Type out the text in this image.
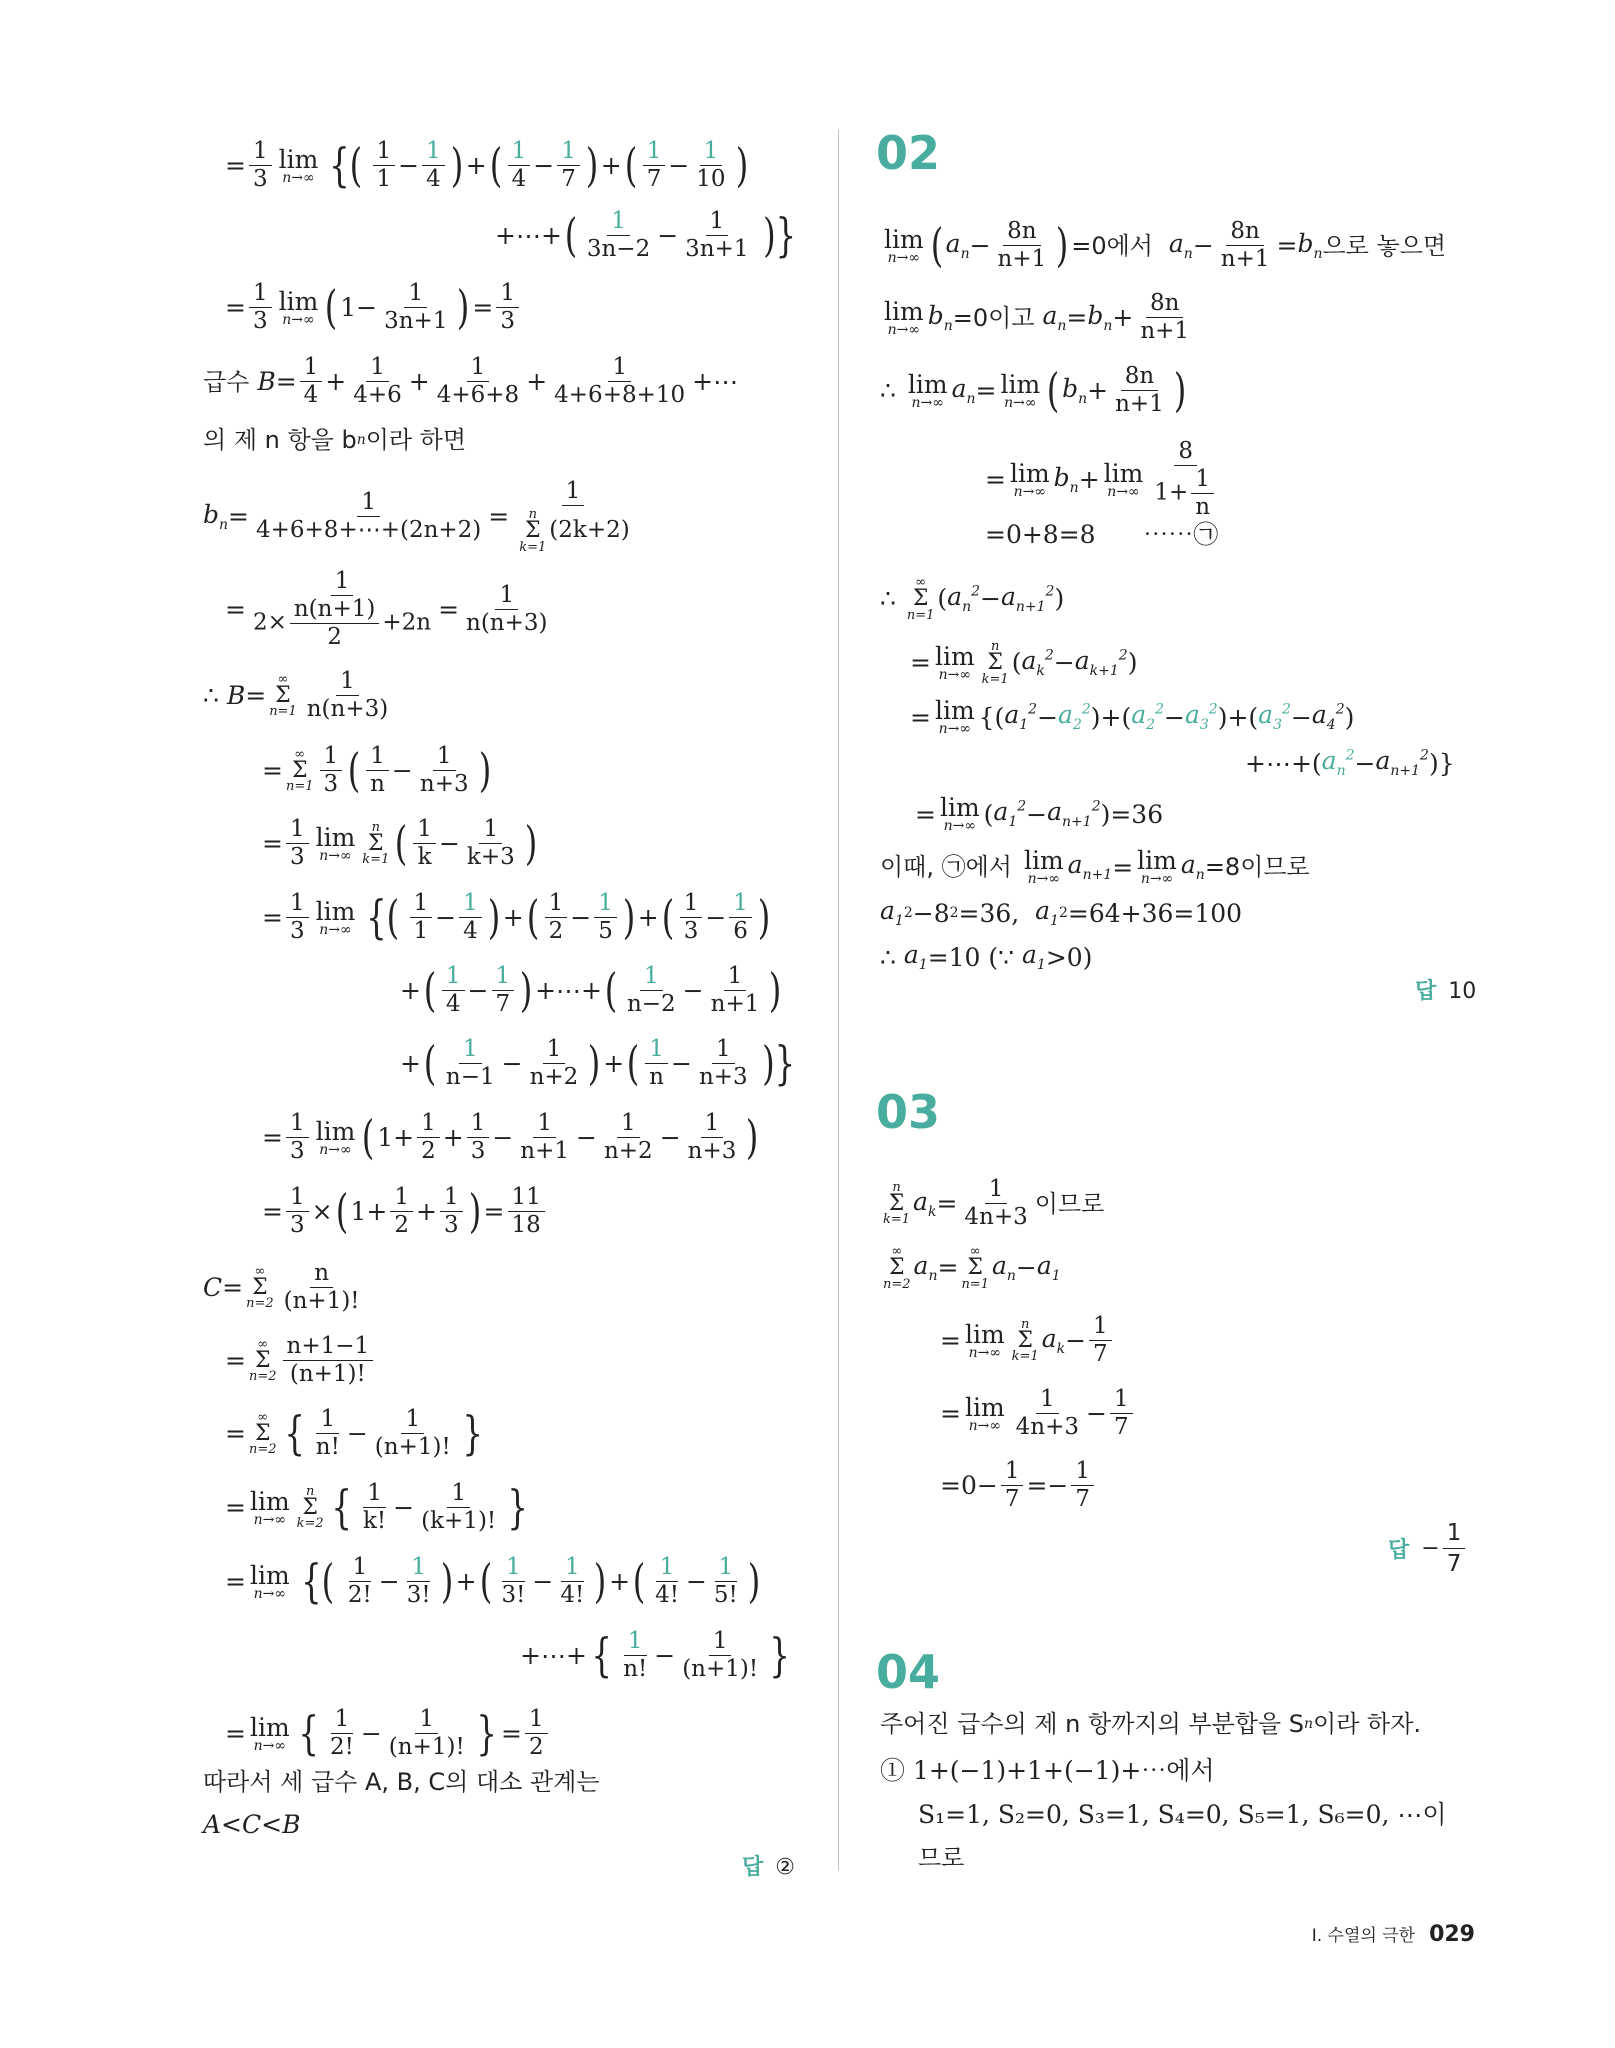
= $\frac{1}{3}$ lim
n→∞ {( $\frac{1}{1} - \frac{1}{4}$ ) + ( $\frac{1}{4} - \frac{1}{7}$ ) + ( $\frac{1}{7} - \frac{1}{10}$ )
+⋯+ ( $\frac{1}{3n-2} - \frac{1}{3n+1}$ )}
= $\frac{1}{3}$ lim
n→∞ ( $1- \frac{1}{3n+1}$ ) = $\frac{1}{3}$
급수
$B = \frac{1}{4} + \frac{1}{4+6} + \frac{1}{4+6+8} + \frac{1}{4+6+8+10}$ +⋯
의 제 n 항을 b n 이라 하면
$b_n = \frac{1}{4+6+8+\cdots+(2n+2)} = 1$
n
Σ
k=1
(2k+2)
= $\frac{1}{2\times \frac{n(n+1)}{2} +2n} = \frac{1}{n(n+3)}$
∴ B =
∞
Σ
$n=1 \frac{1}{n(n+3)}$
=
∞
Σ
$n=1 \frac{1}{3}$ ( $\frac{1}{n} - \frac{1}{n+3}$ )
= $\frac{1}{3}$ lim
n→∞
n
Σ
k=1 ( $\frac{1}{k} - \frac{1}{k+3}$ )
= $\frac{1}{3}$ lim
n→∞ {( $\frac{1}{1} - \frac{1}{4}$ ) + ( $\frac{1}{2} - \frac{1}{5}$ ) + ( $\frac{1}{3} - \frac{1}{6}$ )
+ ( $\frac{1}{4} - \frac{1}{7}$ ) +⋯+ ( $\frac{1}{n-2} - \frac{1}{n+1}$ )
+ ( $\frac{1}{n-1} - \frac{1}{n+2}$ ) + ( $\frac{1}{n} - \frac{1}{n+3}$ )}
= $\frac{1}{3}$ lim
n→∞ ( $1+ \frac{1}{2} + \frac{1}{3} - \frac{1}{n+1} - \frac{1}{n+2} - \frac{1}{n+3}$ )
= $\frac{1}{3}$ × ( $1+ \frac{1}{2} + \frac{1}{3}$ ) = $\frac{11}{18}$
C =
∞
Σ
$n=2 \frac{n}{(n+1)!}$
=
∞
Σ
$n=2 \frac{n+1-1}{(n+1)!}$
=
∞
Σ
n=2 { $\frac{1}{n!} - \frac{1}{(n+1)!}$ }
= lim
n→∞
n
Σ
k=2 { $\frac{1}{k!} - \frac{1}{(k+1)!}$ }
= lim
n→∞ {( $\frac{1}{2!} - \frac{1}{3!}$ ) + ( $\frac{1}{3!} - \frac{1}{4!}$ ) + ( $\frac{1}{4!} - \frac{1}{5!}$ )
+⋯+ { $\frac{1}{n!} - \frac{1}{(n+1)!}$ }
= lim
n→∞ { $\frac{1}{2!} - \frac{1}{(n+1)!}$ } = $\frac{1}{2}$
따라서 세 급수 A, B, C의 대소 관계는
A<C<B
답 ②
02
lim
n→∞ ( $a_n - \frac{8n}{n+1}$ ) =0에서
$a_n - \frac{8n}{n+1} = b_n$ 으로 놓으면
lim
n→∞ $b_n =0$이고
$a_n = b_n + \frac{8n}{n+1}$
∴ lim
n→∞ $a_n = \lim$
n→∞ ( $b_n + \frac{8n}{n+1}$ )
= lim
n→∞ $b_n + \lim$
$n\to\infty \frac{8}{1+ \frac{1}{n}}$
=0+8=8      ⋯⋯㉠
∴
∞
Σ
n=1
( $a_n^2 - a_{n+1}^2$ )
= lim
n→∞
n
Σ
k=1
( $a_k^2 - a_{k+1}^2$ )
= lim
n→∞ {( $a_1^2 - a_2^2$ )+( $a_2^2 - a_3^2$ )+( $a_3^2 - a_4^2$ )
+⋯+( $a_n^2 - a_{n+1}^2$ )}
= lim
n→∞ ( $a_1^2 - a_{n+1}^2$ )=36
이때, ㉠에서
lim
n→∞ $a_{n+1} = \lim$
n→∞ $a_n =8$이므로
$a_1$ 2 −8 2 =36, $a_1$ 2 =64+36=100
∴ $a_1 =10$ (∵ $a_1 >0$)
답 10
03
n
Σ
k=1
$a_k = \frac{1}{4n+3}$ 이므로
∞
Σ
n=2
$a_n$ =
∞
Σ
n=1
$a_n - a_1$
= lim
n→∞
n
Σ
k=1
$a_k - \frac{1}{7}$
= lim
$n\to\infty \frac{1}{4n+3} - \frac{1}{7}$
$=0- \frac{1}{7} =- \frac{1}{7}$
답 − $\frac{1}{7}$
04
주어진 급수의 제 n 항까지의 부분합을 S n 이라 하자.
① 1+(−1)+1+(−1)+⋯에서
S₁=1, S₂=0, S₃=1, S₄=0, S₅=1, S₆=0, ⋯이
므로
Ⅰ. 수열의 극한 029
